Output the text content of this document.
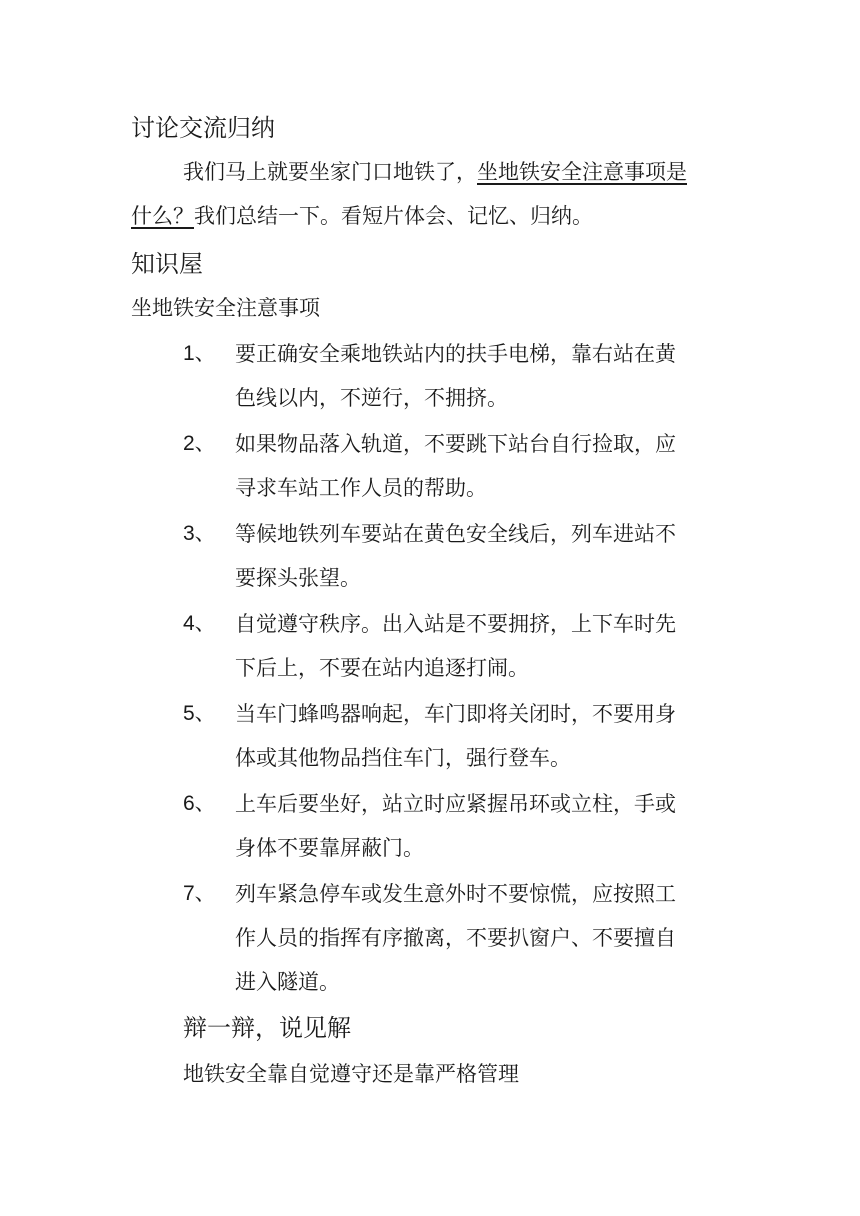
讨论交流归纳
我们马上就要坐家门口地铁了，坐地铁安全注意事项是
什么？我们总结一下。看短片体会、记忆、归纳。
知识屋
坐地铁安全注意事项
1、 要正确安全乘地铁站内的扶手电梯，靠右站在黄
色线以内，不逆行，不拥挤。
2、 如果物品落入轨道，不要跳下站台自行捡取，应
寻求车站工作人员的帮助。
3、 等候地铁列车要站在黄色安全线后，列车进站不
要探头张望。
4、 自觉遵守秩序。出入站是不要拥挤，上下车时先
下后上，不要在站内追逐打闹。
5、 当车门蜂鸣器响起，车门即将关闭时，不要用身
体或其他物品挡住车门，强行登车。
6、 上车后要坐好，站立时应紧握吊环或立柱，手或
身体不要靠屏蔽门。
7、 列车紧急停车或发生意外时不要惊慌，应按照工
作人员的指挥有序撤离，不要扒窗户、不要擅自
进入隧道。
辩一辩，说见解
地铁安全靠自觉遵守还是靠严格管理
